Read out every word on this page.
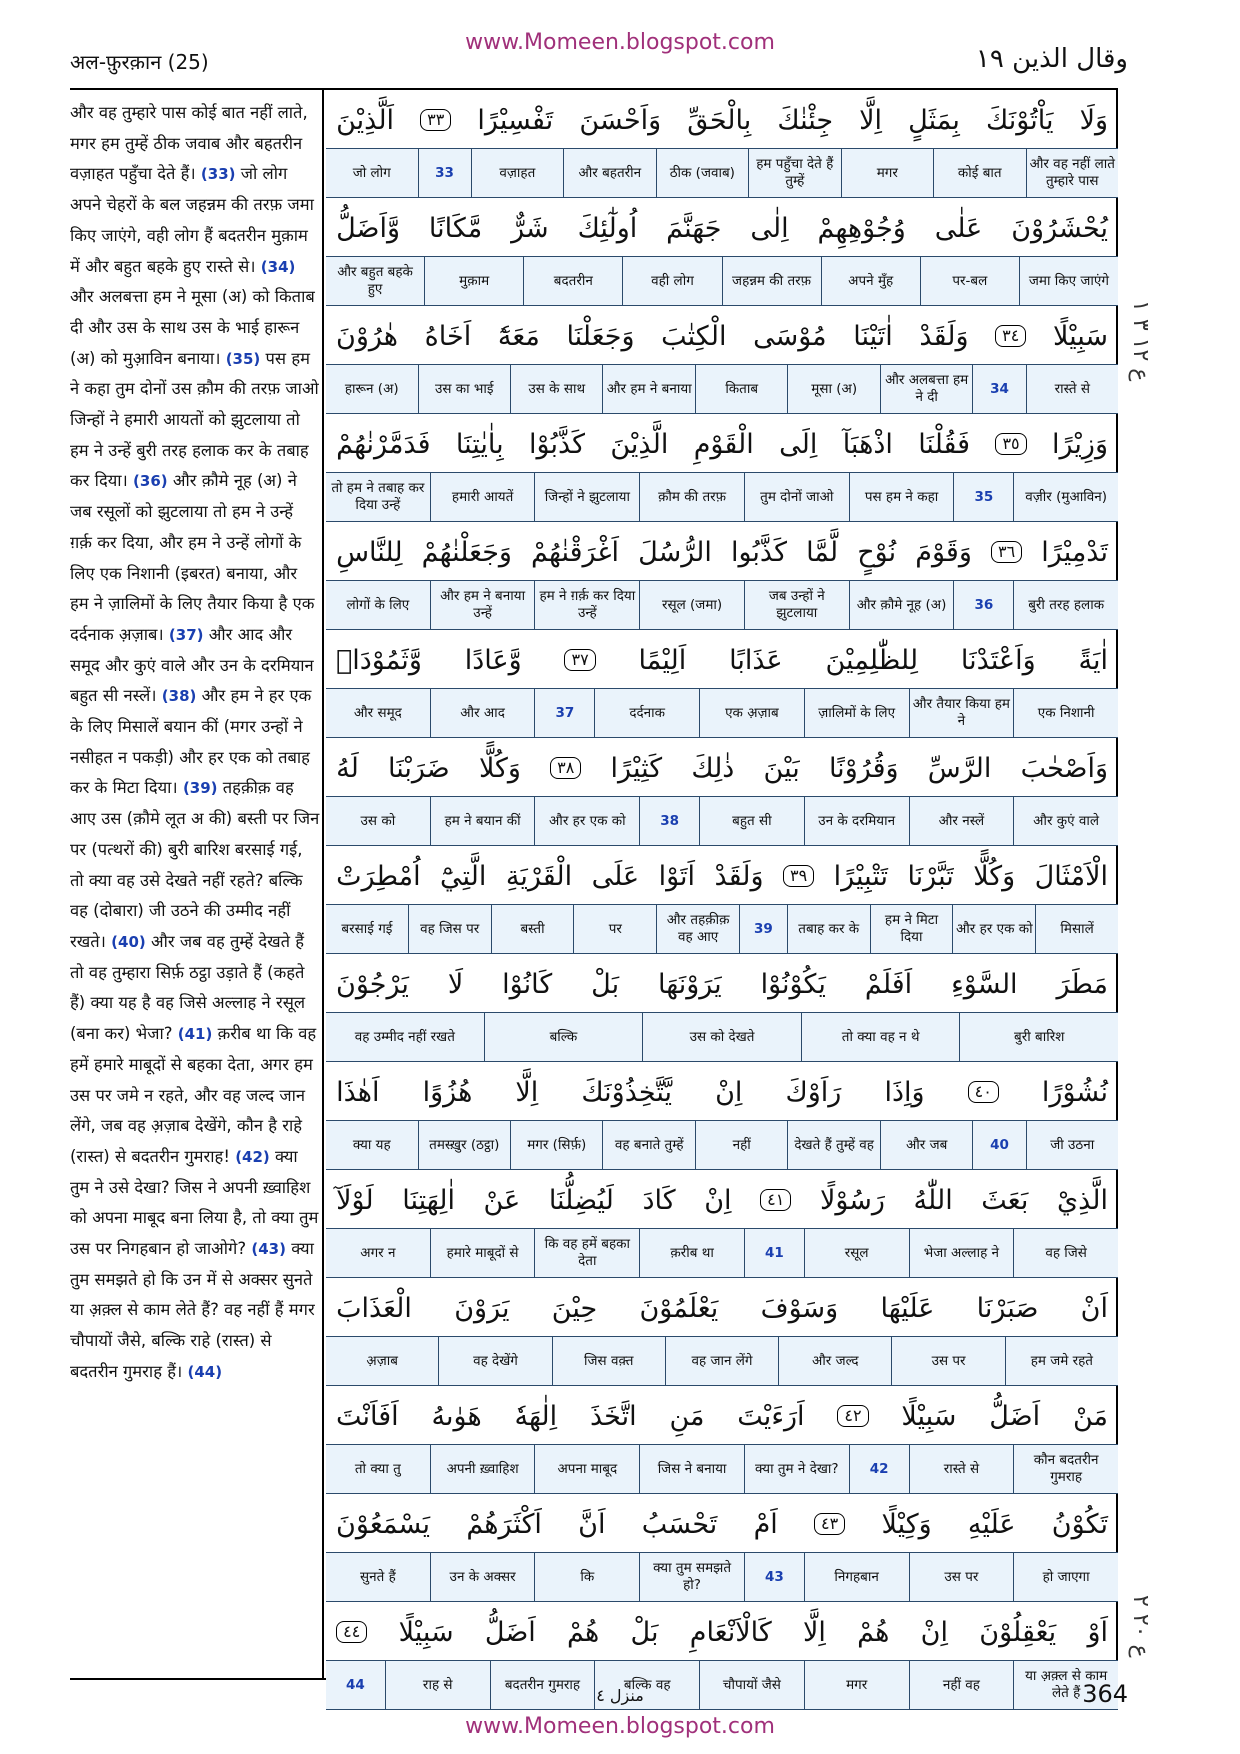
अल-फ़ुरक़ान (25)
www.Momeen.blogspot.com
وقال الذين ١٩
और वह तुम्हारे पास कोई बात नहीं लाते, मगर हम तुम्हें ठीक जवाब और बहतरीन वज़ाहत पहुँचा देते हैं। (33) जो लोग अपने चेहरों के बल जहन्नम की तरफ़ जमा किए जाएंगे, वही लोग हैं बदतरीन मुक़ाम में और बहुत बहके हुए रास्ते से। (34) और अलबत्ता हम ने मूसा (अ) को किताब दी और उस के साथ उस के भाई हारून (अ) को मुआ़विन बनाया। (35) पस हम ने कहा तुम दोनों उस क़ौम की तरफ़ जाओ जिन्हों ने हमारी आयतों को झुटलाया तो हम ने उन्हें बुरी तरह हलाक कर के तबाह कर दिया। (36) और क़ौमे नूह (अ) ने जब रसूलों को झुटलाया तो हम ने उन्हें ग़र्क़ कर दिया, और हम ने उन्हें लोगों के लिए एक निशानी (इबरत) बनाया, और हम ने ज़ालिमों के लिए तैयार किया है एक दर्दनाक अ़ज़ाब। (37) और आद और समूद और कुएं वाले और उन के दरमियान बहुत सी नस्लें। (38) और हम ने हर एक के लिए मिसालें बयान कीं (मगर उन्हों ने नसीहत न पकड़ी) और हर एक को तबाह कर के मिटा दिया। (39) तहक़ीक़ वह आए उस (क़ौमे लूत अ की) बस्ती पर जिन पर (पत्थरों की) बुरी बारिश बरसाई गई, तो क्या वह उसे देखते नहीं रहते? बल्कि वह (दोबारा) जी उठने की उम्मीद नहीं रखते। (40) और जब वह तुम्हें देखते हैं तो वह तुम्हारा सिर्फ़ ठट्ठा उड़ाते हैं (कहते हैं) क्या यह है वह जिसे अल्लाह ने रसूल (बना कर) भेजा? (41) क़रीब था कि वह हमें हमारे माबूदों से बहका देता, अगर हम उस पर जमे न रहते, और वह जल्द जान लेंगे, जब वह अ़ज़ाब देखेंगे, कौन है राहे (रास्त) से बदतरीन गुमराह! (42) क्या तुम ने उसे देखा? जिस ने अपनी ख़्वाहिश को अपना माबूद बना लिया है, तो क्या तुम उस पर निगहबान हो जाओगे? (43) क्या तुम समझते हो कि उन में से अक्सर सुनते या अ़क़्ल से काम लेते हैं? वह नहीं हैं मगर चौपायों जैसे, बल्कि राहे (रास्त) से बदतरीन गुमराह हैं। (44)
وَلَا
يَاْتُوْنَكَ
بِمَثَلٍ
اِلَّا
جِئْنٰكَ
بِالْحَقِّ
وَاَحْسَنَ
تَفْسِيْرًا
٣٣
اَلَّذِيْنَ
और वह नहीं लाते तुम्हारे पास
कोई बात
मगर
हम पहुँचा देते हैं तुम्हें
ठीक (जवाब)
और बहतरीन
वज़ाहत
33
जो लोग
يُحْشَرُوْنَ
عَلٰى
وُجُوْهِهِمْ
اِلٰى
جَهَنَّمَ
اُولٰٓئِكَ
شَرٌّ
مَّكَانًا
وَّاَضَلُّ
जमा किए जाएंगे
पर-बल
अपने मुँह
जहन्नम की तरफ़
वही लोग
बदतरीन
मुक़ाम
और बहुत बहके हुए
سَبِيْلًا
٣٤
وَلَقَدْ
اٰتَيْنَا
مُوْسَى
الْكِتٰبَ
وَجَعَلْنَا
مَعَهٗٓ
اَخَاهُ
هٰرُوْنَ
रास्ते से
34
और अलबत्ता हम ने दी
मूसा (अ)
किताब
और हम ने बनाया
उस के साथ
उस का भाई
हारून (अ)
وَزِيْرًا
٣٥
فَقُلْنَا
اذْهَبَآ
اِلَى
الْقَوْمِ
الَّذِيْنَ
كَذَّبُوْا
بِاٰيٰتِنَا
فَدَمَّرْنٰهُمْ
वज़ीर (मुआविन)
35
पस हम ने कहा
तुम दोनों जाओ
क़ौम की तरफ़
जिन्हों ने झुटलाया
हमारी आयतें
तो हम ने तबाह कर दिया उन्हें
تَدْمِيْرًا
٣٦
وَقَوْمَ
نُوْحٍ
لَّمَّا
كَذَّبُوا
الرُّسُلَ
اَغْرَقْنٰهُمْ
وَجَعَلْنٰهُمْ
لِلنَّاسِ
बुरी तरह हलाक
36
और क़ौमे नूह (अ)
जब उन्हों ने झुटलाया
रसूल (जमा)
हम ने ग़र्क़ कर दिया उन्हें
और हम ने बनाया उन्हें
लोगों के लिए
اٰيَةً
وَاَعْتَدْنَا
لِلظّٰلِمِيْنَ
عَذَابًا
اَلِيْمًا
٣٧
وَّعَادًا
وَّثَمُوْدَاۡ
एक निशानी
और तैयार किया हम ने
ज़ालिमों के लिए
एक अ़ज़ाब
दर्दनाक
37
और आद
और समूद
وَاَصْحٰبَ
الرَّسِّ
وَقُرُوْنًا
بَيْنَ
ذٰلِكَ
كَثِيْرًا
٣٨
وَكُلًّا
ضَرَبْنَا
لَهُ
और कुएं वाले
और नस्लें
उन के दरमियान
बहुत सी
38
और हर एक को
हम ने बयान कीं
उस को
الْاَمْثَالَ
وَكُلًّا
تَبَّرْنَا
تَتْبِيْرًا
٣٩
وَلَقَدْ
اَتَوْا
عَلَى
الْقَرْيَةِ
الَّتِيْٓ
اُمْطِرَتْ
मिसालें
और हर एक को
हम ने मिटा दिया
तबाह कर के
39
और तहक़ीक़ वह आए
पर
बस्ती
वह जिस पर
बरसाई गई
مَطَرَ
السَّوْءِ
اَفَلَمْ
يَكُوْنُوْا
يَرَوْنَهَا
بَلْ
كَانُوْا
لَا
يَرْجُوْنَ
बुरी बारिश
तो क्या वह न थे
उस को देखते
बल्कि
वह उम्मीद नहीं रखते
نُشُوْرًا
٤٠
وَاِذَا
رَاَوْكَ
اِنْ
يَّتَّخِذُوْنَكَ
اِلَّا
هُزُوًا
اَهٰذَا
जी उठना
40
और जब
देखते हैं तुम्हें वह
नहीं
वह बनाते तुम्हें
मगर (सिर्फ़)
तमस्ख़ुर (ठट्ठा)
क्या यह
الَّذِيْ
بَعَثَ
اللّٰهُ
رَسُوْلًا
٤١
اِنْ
كَادَ
لَيُضِلُّنَا
عَنْ
اٰلِهَتِنَا
لَوْلَآ
वह जिसे
भेजा अल्लाह ने
रसूल
41
क़रीब था
कि वह हमें बहका देता
हमारे माबूदों से
अगर न
اَنْ
صَبَرْنَا
عَلَيْهَا
وَسَوْفَ
يَعْلَمُوْنَ
حِيْنَ
يَرَوْنَ
الْعَذَابَ
हम जमे रहते
उस पर
और जल्द
वह जान लेंगे
जिस वक़्त
वह देखेंगे
अ़ज़ाब
مَنْ
اَضَلُّ
سَبِيْلًا
٤٢
اَرَءَيْتَ
مَنِ
اتَّخَذَ
اِلٰهَهٗ
هَوٰىهُ
اَفَاَنْتَ
कौन बदतरीन गुमराह
रास्ते से
42
क्या तुम ने देखा?
जिस ने बनाया
अपना माबूद
अपनी ख़्वाहिश
तो क्या तु
تَكُوْنُ
عَلَيْهِ
وَكِيْلًا
٤٣
اَمْ
تَحْسَبُ
اَنَّ
اَكْثَرَهُمْ
يَسْمَعُوْنَ
हो जाएगा
उस पर
निगहबान
43
क्या तुम समझते हो?
कि
उन के अक्सर
सुनते हैं
اَوْ
يَعْقِلُوْنَ
اِنْ
هُمْ
اِلَّا
كَالْاَنْعَامِ
بَلْ
هُمْ
اَضَلُّ
سَبِيْلًا
٤٤
या अ़क़्ल से काम लेते हैं
नहीं वह
मगर
चौपायों जैसे
बल्कि वह
बदतरीन गुमराह
राह से
44
ع ١٢ ٣ ١
ع ٢٠ ٢
منزل ٤	364
www.Momeen.blogspot.com
